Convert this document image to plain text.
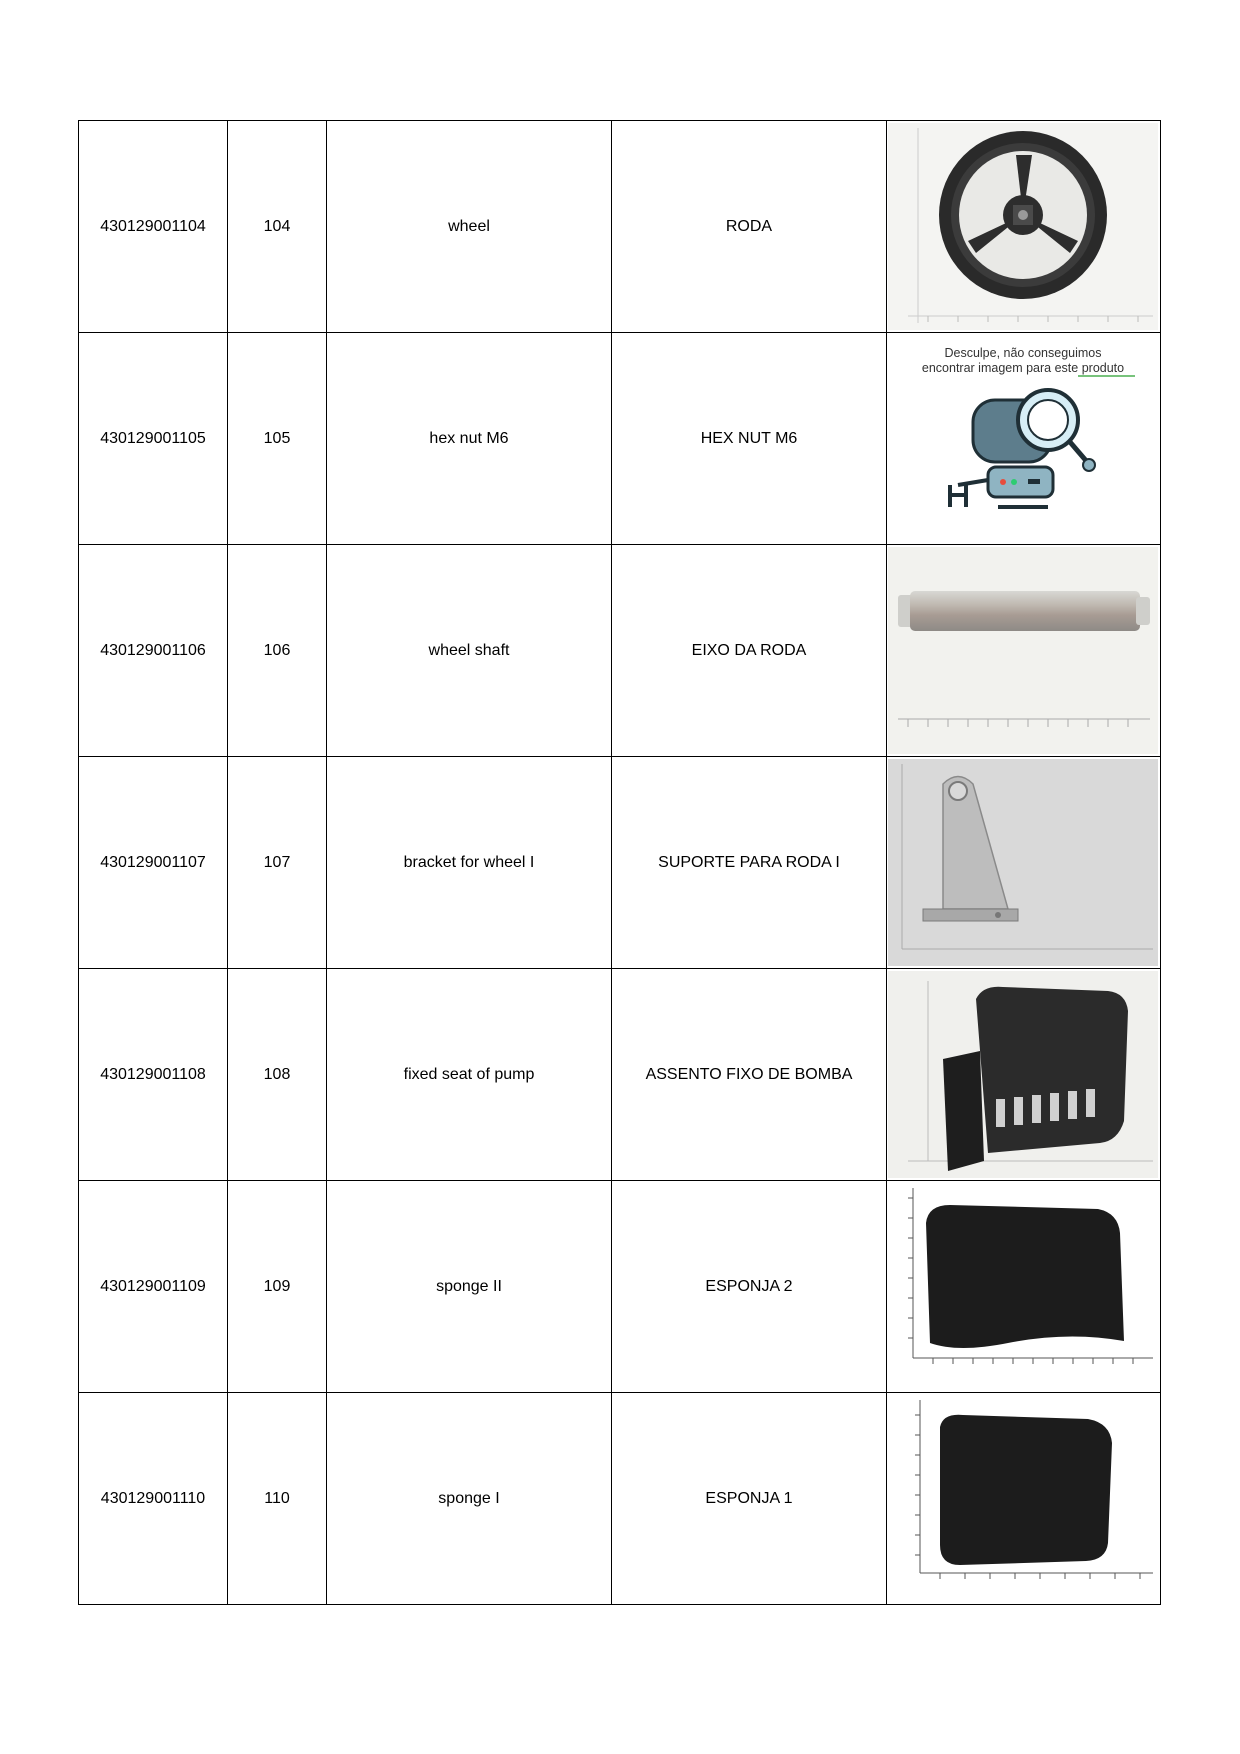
430129001104	104	wheel	RODA	

430129001105	105	hex nut M6	HEX NUT M6	Desculpe, não conseguimos
encontrar imagem para este produto

430129001106	106	wheel shaft	EIXO DA RODA	

430129001107	107	bracket for wheel I	SUPORTE PARA RODA I	

430129001108	108	fixed seat of pump	ASSENTO FIXO DE BOMBA	

430129001109	109	sponge II	ESPONJA 2	

430129001110	110	sponge I	ESPONJA 1	
